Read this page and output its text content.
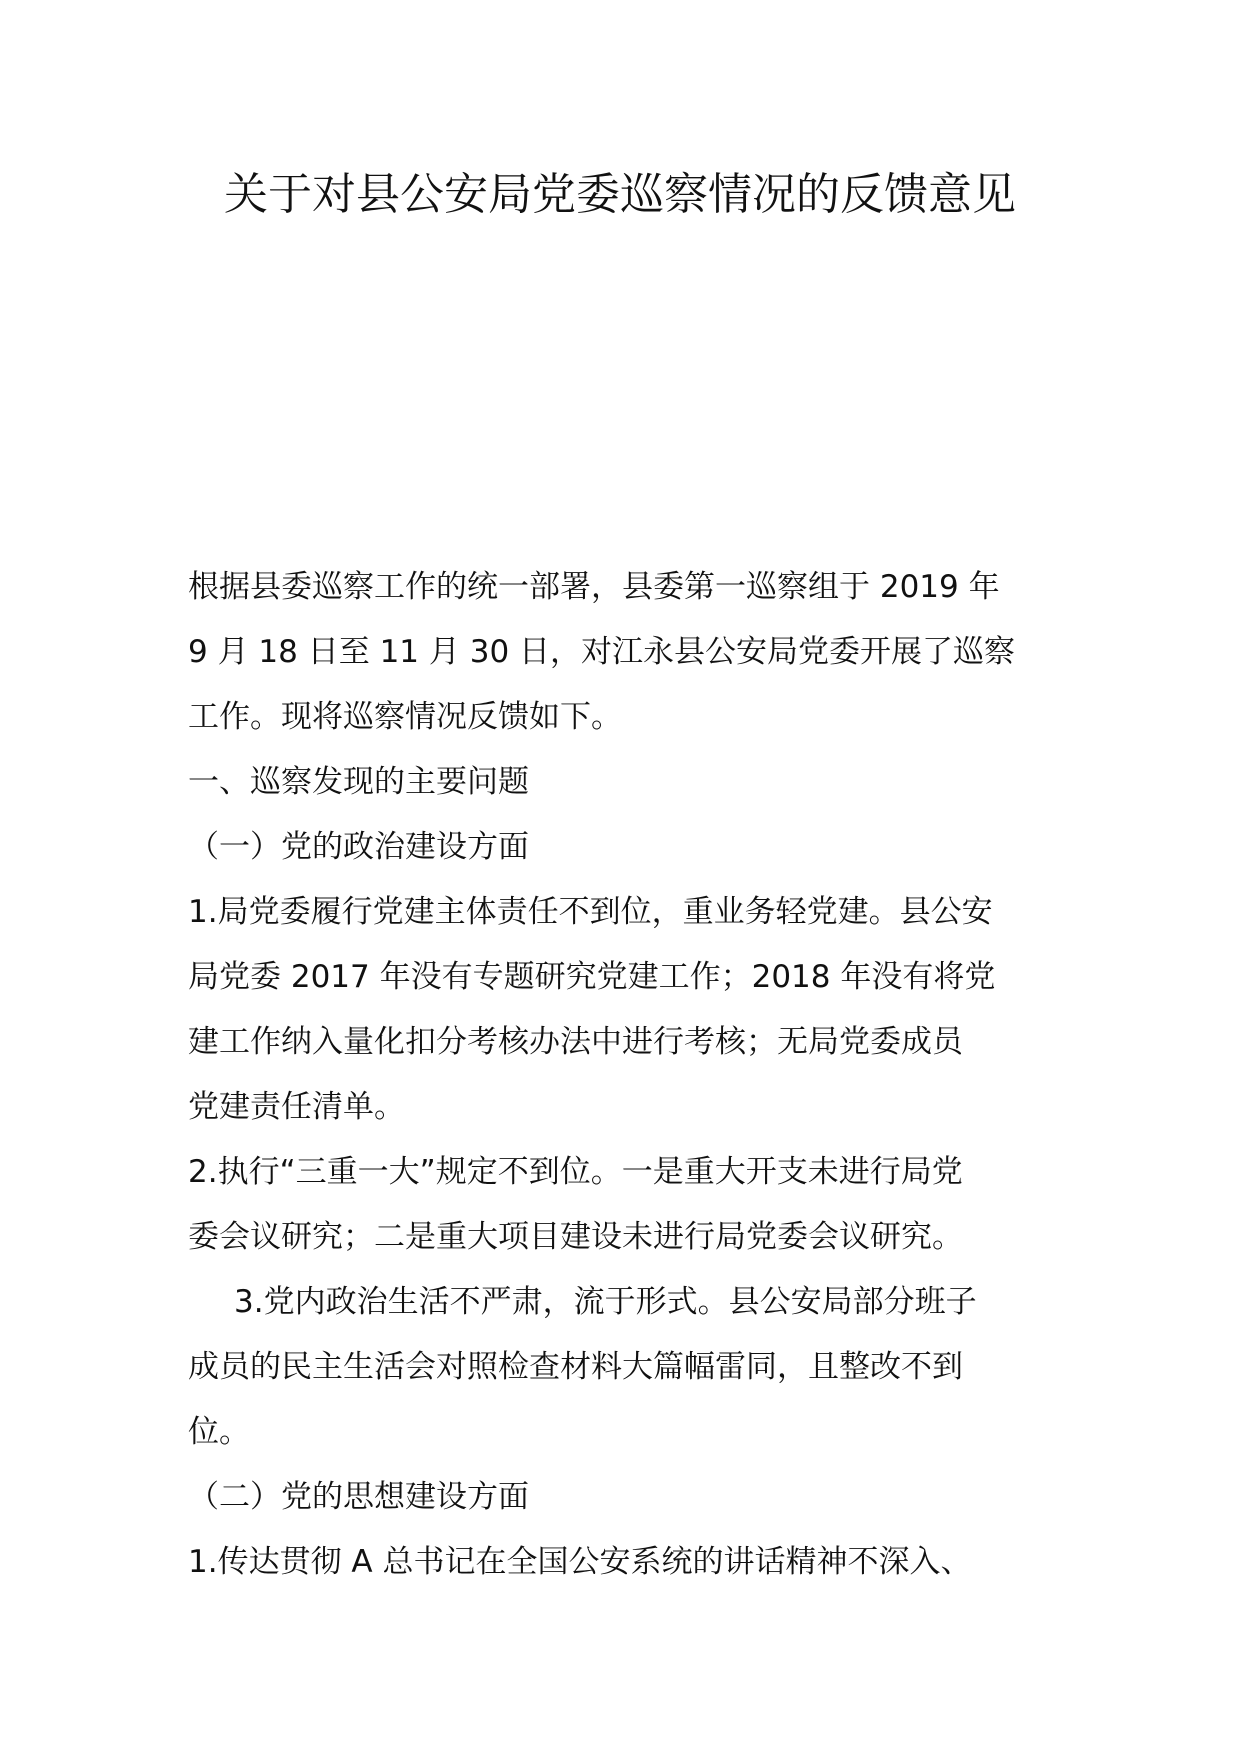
关于对县公安局党委巡察情况的反馈意见
根据县委巡察工作的统一部署，县委第一巡察组于 2019 年
9 月 18 日至 11 月 30 日，对江永县公安局党委开展了巡察
工作。现将巡察情况反馈如下。
一、巡察发现的主要问题
（一）党的政治建设方面
1.局党委履行党建主体责任不到位，重业务轻党建。县公安
局党委 2017 年没有专题研究党建工作；2018 年没有将党
建工作纳入量化扣分考核办法中进行考核；无局党委成员
党建责任清单。
2.执行“三重一大”规定不到位。一是重大开支未进行局党
委会议研究；二是重大项目建设未进行局党委会议研究。
3.党内政治生活不严肃，流于形式。县公安局部分班子
成员的民主生活会对照检查材料大篇幅雷同，且整改不到
位。
（二）党的思想建设方面
1.传达贯彻 A 总书记在全国公安系统的讲话精神不深入、
